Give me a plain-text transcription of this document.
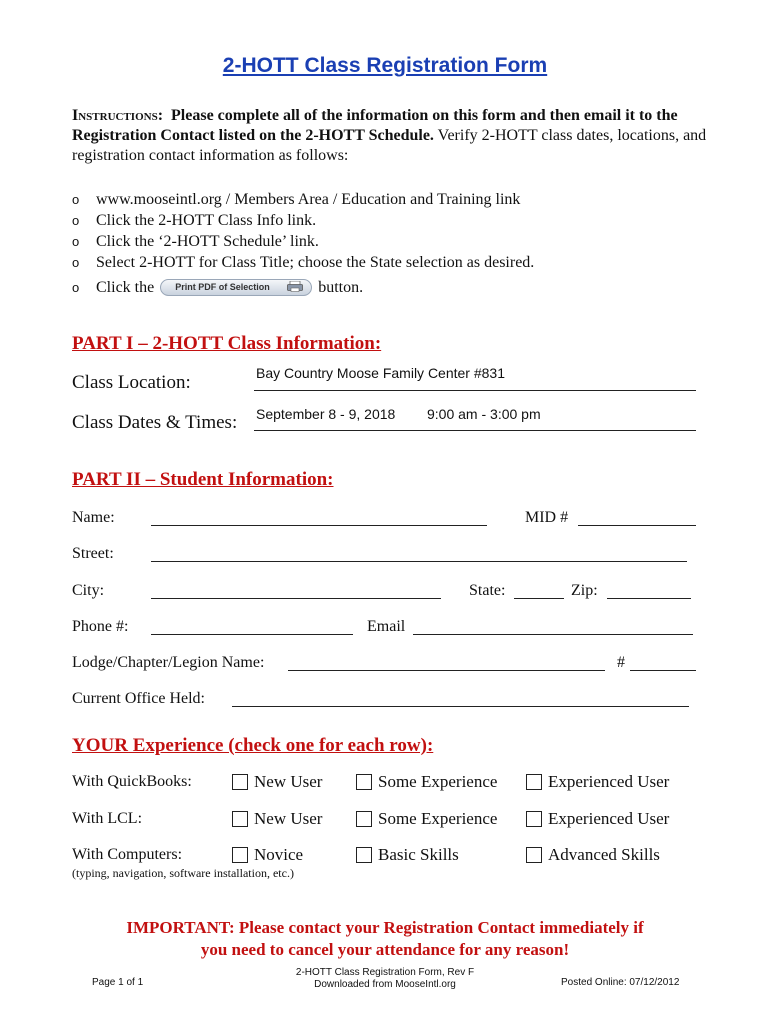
2-HOTT Class Registration Form
Instructions: Please complete all of the information on this form and then email it to the Registration Contact listed on the 2-HOTT Schedule. Verify 2-HOTT class dates, locations, and registration contact information as follows:
o	www.mooseintl.org / Members Area / Education and Training link
o	Click the 2-HOTT Class Info link.
o	Click the ‘2-HOTT Schedule’ link.
o	Select 2-HOTT for Class Title; choose the State selection as desired.
o	Click the	Print PDF of Selection	button.
PART I – 2-HOTT Class Information:
Class Location:	Bay Country Moose Family Center #831
Class Dates & Times: September 8 - 9, 2018 9:00 am - 3:00 pm
PART II – Student Information:
Name:	MID #
Street:
City:	State:	Zip:
Phone #:	Email
Lodge/Chapter/Legion Name:	#
Current Office Held:
YOUR Experience (check one for each row):
With QuickBooks:	New User	Some Experience	Experienced User
With LCL:	New User	Some Experience	Experienced User
With Computers:	Novice	Basic Skills	Advanced Skills
(typing, navigation, software installation, etc.)
IMPORTANT: Please contact your Registration Contact immediately if
you need to cancel your attendance for any reason!
Page 1 of 1
2-HOTT Class Registration Form, Rev F
Downloaded from MooseIntl.org	Posted Online: 07/12/2012
